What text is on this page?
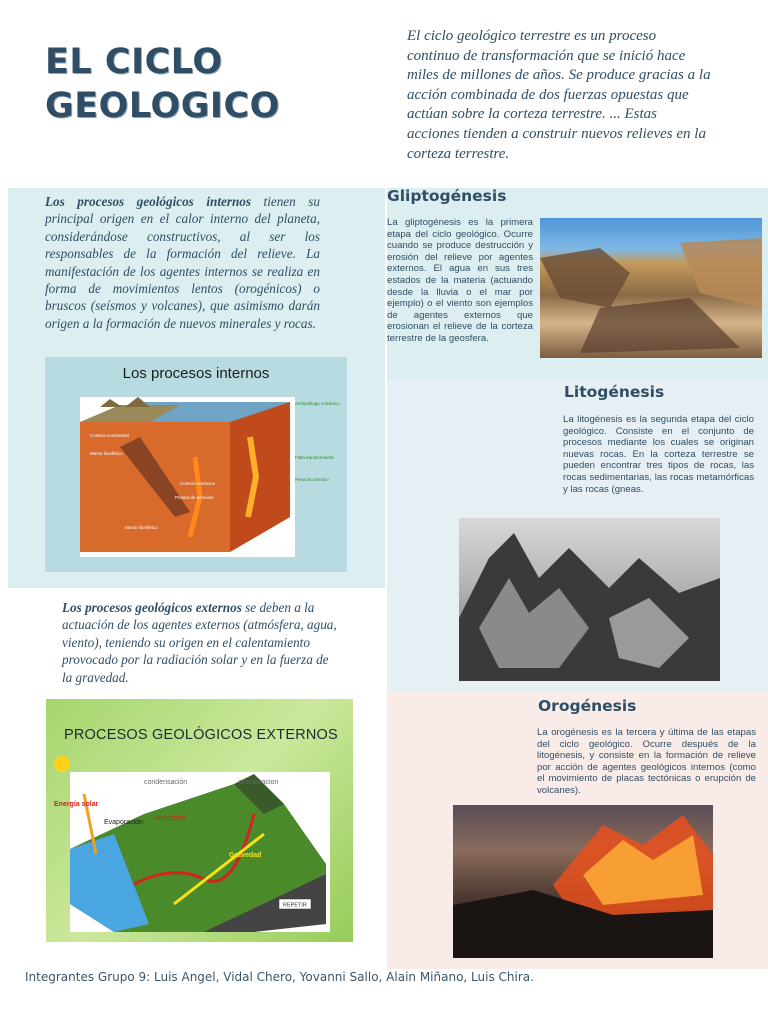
EL CICLO GEOLOGICO
El ciclo geológico terrestre es un proceso continuo de transformación que se inició hace miles de millones de años. Se produce gracias a la acción combinada de dos fuerzas opuestas que actúan sobre la corteza terrestre. ... Estas acciones tienden a construir nuevos relieves en la corteza terrestre.
Los procesos geológicos internos tienen su principal origen en el calor interno del planeta, considerándose constructivos, al ser los responsables de la formación del relieve. La manifestación de los agentes internos se realiza en forma de movimientos lentos (orogénicos) o bruscos (seísmos y volcanes), que asimismo darán origen a la formación de nuevos minerales y rocas.
Los procesos internos
Corteza continental
Manto litosférico
Corteza oceánica
Prisma de acreción
Manto litosférico
Archipiélago volcánico
Falla transformante
Penacho térmico
Los procesos geológicos externos se deben a la actuación de los agentes externos (atmósfera, agua, viento), teniendo su origen en el calentamiento provocado por la radiación solar y en la fuerza de la gravedad.
PROCESOS GEOLÓGICOS EXTERNOS
Energía solar
condensación	precipitacion
Evaporación
Atmósfera
Gravedad
REPETIR
Gliptogénesis
La gliptogénesis es la primera etapa del ciclo geológico. Ocurre cuando se produce destrucción y erosión del relieve por agentes externos. El agua en sus tres estados de la materia (actuando desde la lluvia o el mar por ejemplo) o el viento son ejemplos de agentes externos que erosionan el relieve de la corteza terrestre de la geosfera.
Litogénesis
La litogénesis es la segunda etapa del ciclo geológico. Consiste en el conjunto de procesos mediante los cuales se originan nuevas rocas. En la corteza terrestre se pueden encontrar tres tipos de rocas, las rocas sedimentarias, las rocas metamórficas y las rocas (gneas.
Orogénesis
La orogénesis es la tercera y última de las etapas del ciclo geológico. Ocurre después de la litogénesis, y consiste en la formación de relieve por acción de agentes geológicos internos (como el movimiento de placas tectónicas o erupción de volcanes).
Integrantes Grupo 9: Luis Angel, Vidal Chero, Yovanni Sallo, Alain Miñano, Luis Chira.
